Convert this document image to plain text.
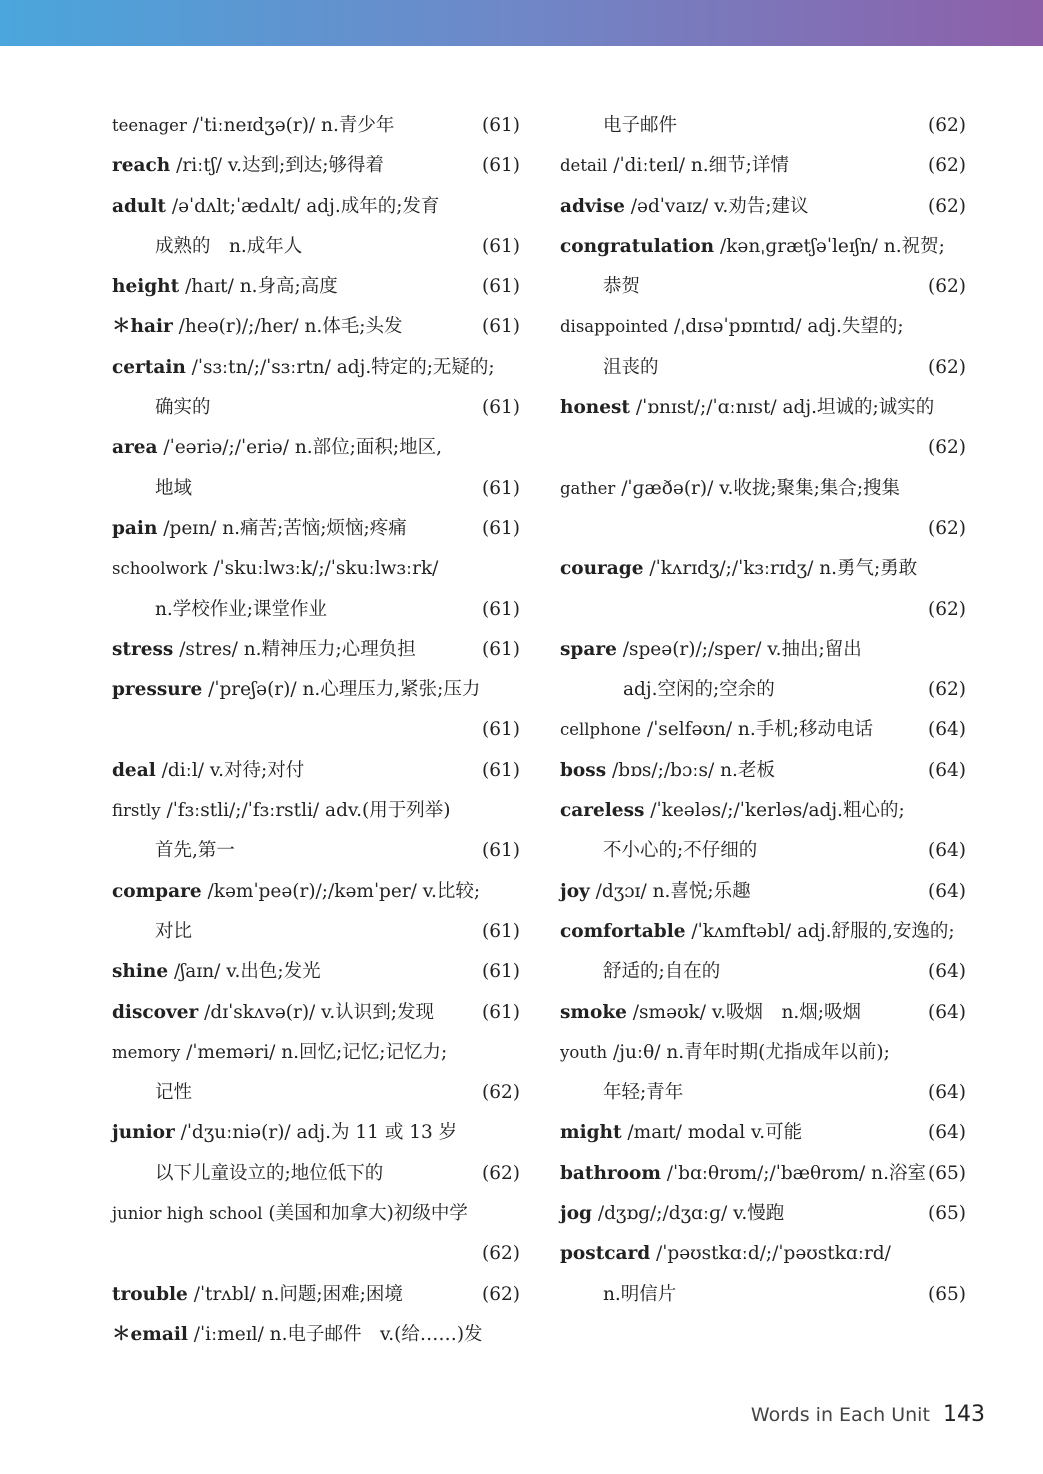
teenager /ˈtiːneɪdʒə(r)/ n.青少年	(61)
reach /riːtʃ/ v.达到;到达;够得着	(61)
adult /əˈdʌlt;ˈædʌlt/ adj.成年的;发育
成熟的　n.成年人	(61)
height /haɪt/ n.身高;高度	(61)
＊hair /heə(r)/;/her/ n.体毛;头发	(61)
certain /ˈsɜːtn/;/ˈsɜːrtn/ adj.特定的;无疑的;
确实的	(61)
area /ˈeəriə/;/ˈeriə/ n.部位;面积;地区,
地域	(61)
pain /peɪn/ n.痛苦;苦恼;烦恼;疼痛	(61)
schoolwork /ˈskuːlwɜːk/;/ˈskuːlwɜːrk/
n.学校作业;课堂作业	(61)
stress /stres/ n.精神压力;心理负担	(61)
pressure /ˈpreʃə(r)/ n.心理压力,紧张;压力
(61)
deal /diːl/ v.对待;对付	(61)
firstly /ˈfɜːstli/;/ˈfɜːrstli/ adv.(用于列举)
首先,第一	(61)
compare /kəmˈpeə(r)/;/kəmˈper/ v.比较;
对比	(61)
shine /ʃaɪn/ v.出色;发光	(61)
discover /dɪˈskʌvə(r)/ v.认识到;发现	(61)
memory /ˈmeməri/ n.回忆;记忆;记忆力;
记性	(62)
junior /ˈdʒuːniə(r)/ adj.为 11 或 13 岁
以下儿童设立的;地位低下的	(62)
junior high school (美国和加拿大)初级中学
(62)
trouble /ˈtrʌbl/ n.问题;困难;困境	(62)
＊email /ˈiːmeɪl/ n.电子邮件　v.(给……)发
电子邮件	(62)
detail /ˈdiːteɪl/ n.细节;详情	(62)
advise /ədˈvaɪz/ v.劝告;建议	(62)
congratulation /kənˌɡrætʃəˈleɪʃn/ n.祝贺;
恭贺	(62)
disappointed /ˌdɪsəˈpɒɪntɪd/ adj.失望的;
沮丧的	(62)
honest /ˈɒnɪst/;/ˈɑːnɪst/ adj.坦诚的;诚实的
(62)
gather /ˈɡæðə(r)/ v.收拢;聚集;集合;搜集
(62)
courage /ˈkʌrɪdʒ/;/ˈkɜːrɪdʒ/ n.勇气;勇敢
(62)
spare /speə(r)/;/sper/ v.抽出;留出
adj.空闲的;空余的	(62)
cellphone /ˈselfəʊn/ n.手机;移动电话	(64)
boss /bɒs/;/bɔːs/ n.老板	(64)
careless /ˈkeələs/;/ˈkerləs/adj.粗心的;
不小心的;不仔细的	(64)
joy /dʒɔɪ/ n.喜悦;乐趣	(64)
comfortable /ˈkʌmftəbl/ adj.舒服的,安逸的;
舒适的;自在的	(64)
smoke /sməʊk/ v.吸烟　n.烟;吸烟	(64)
youth /juːθ/ n.青年时期(尤指成年以前);
年轻;青年	(64)
might /maɪt/ modal v.可能	(64)
bathroom /ˈbɑːθrʊm/;/ˈbæθrʊm/ n.浴室 (65)
jog /dʒɒɡ/;/dʒɑːɡ/ v.慢跑	(65)
postcard /ˈpəʊstkɑːd/;/ˈpəʊstkɑːrd/
n.明信片	(65)
Words in Each Unit 143
